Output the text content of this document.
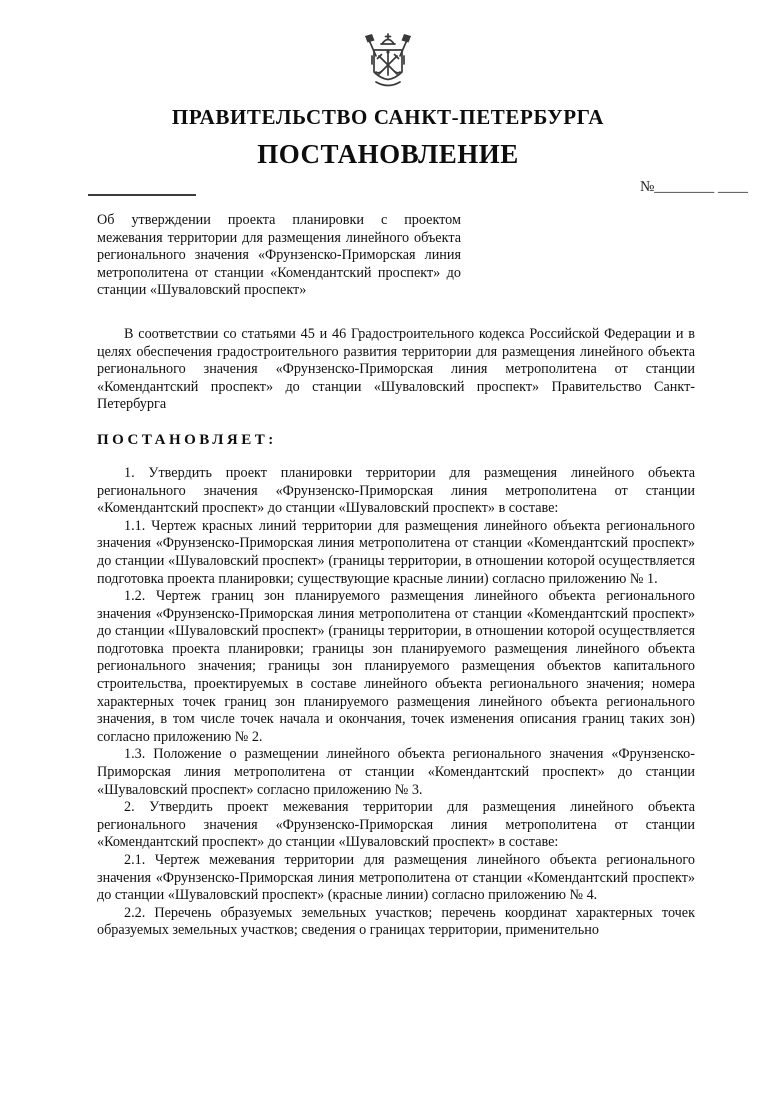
ПРАВИТЕЛЬСТВО САНКТ-ПЕТЕРБУРГА
ПОСТАНОВЛЕНИЕ
№________ ____
Об утверждении проекта планировки с проектом межевания территории для размещения линейного объекта регионального значения «Фрунзенско-Приморская линия метрополитена от станции «Комендантский проспект» до станции «Шуваловский проспект»

В соответствии со статьями 45 и 46 Градостроительного кодекса Российской Федерации и в целях обеспечения градостроительного развития территории для размещения линейного объекта регионального значения «Фрунзенско-Приморская линия метрополитена от станции «Комендантский проспект» до станции «Шуваловский проспект» Правительство Санкт-Петербурга

ПОСТАНОВЛЯЕТ:

1. Утвердить проект планировки территории для размещения линейного объекта регионального значения «Фрунзенско-Приморская линия метрополитена от станции «Комендантский проспект» до станции «Шуваловский проспект» в составе:

1.1. Чертеж красных линий территории для размещения линейного объекта регионального значения «Фрунзенско-Приморская линия метрополитена от станции «Комендантский проспект» до станции «Шуваловский проспект» (границы территории, в отношении которой осуществляется подготовка проекта планировки; существующие красные линии) согласно приложению № 1.

1.2. Чертеж границ зон планируемого размещения линейного объекта регионального значения «Фрунзенско-Приморская линия метрополитена от станции «Комендантский проспект» до станции «Шуваловский проспект» (границы территории, в отношении которой осуществляется подготовка проекта планировки; границы зон планируемого размещения линейного объекта регионального значения; границы зон планируемого размещения объектов капитального строительства, проектируемых в составе линейного объекта регионального значения; номера характерных точек границ зон планируемого размещения линейного объекта регионального значения, в том числе точек начала и окончания, точек изменения описания границ таких зон) согласно приложению № 2.

1.3. Положение о размещении линейного объекта регионального значения «Фрунзенско-Приморская линия метрополитена от станции «Комендантский проспект» до станции «Шуваловский проспект» согласно приложению № 3.

2. Утвердить проект межевания территории для размещения линейного объекта регионального значения «Фрунзенско-Приморская линия метрополитена от станции «Комендантский проспект» до станции «Шуваловский проспект» в составе:

2.1. Чертеж межевания территории для размещения линейного объекта регионального значения «Фрунзенско-Приморская линия метрополитена от станции «Комендантский проспект» до станции «Шуваловский проспект» (красные линии) согласно приложению № 4.

2.2. Перечень образуемых земельных участков; перечень координат характерных точек образуемых земельных участков; сведения о границах территории, применительно
